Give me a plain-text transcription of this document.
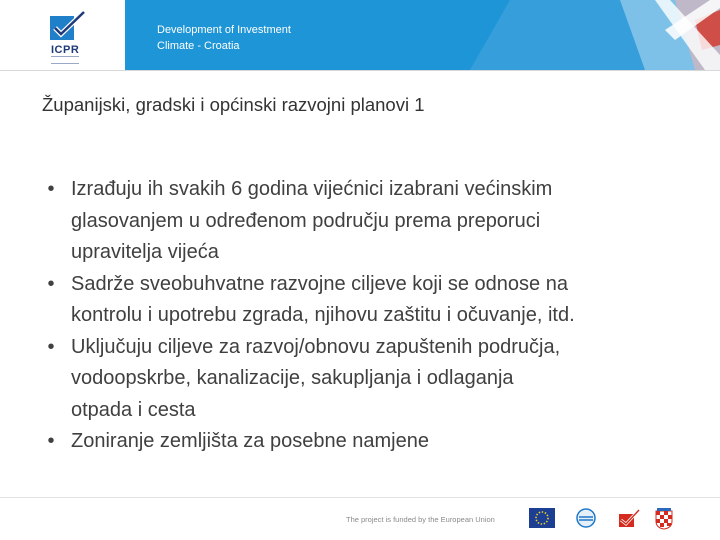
ICPR
Development of Investment
Climate - Croatia
Županijski, gradski i općinski razvojni planovi 1
• Izrađuju ih svakih 6 godina vijećnici izabrani većinskim
glasovanjem u određenom području prema preporuci
upravitelja vijeća
• Sadrže sveobuhvatne razvojne ciljeve koji se odnose na
kontrolu i upotrebu zgrada, njihovu zaštitu i očuvanje, itd.
• Uključuju ciljeve za razvoj/obnovu zapuštenih područja,
vodoopskrbe, kanalizacije, sakupljanja i odlaganja
otpada i cesta
• Zoniranje zemljišta za posebne namjene
The project is funded by the European Union
